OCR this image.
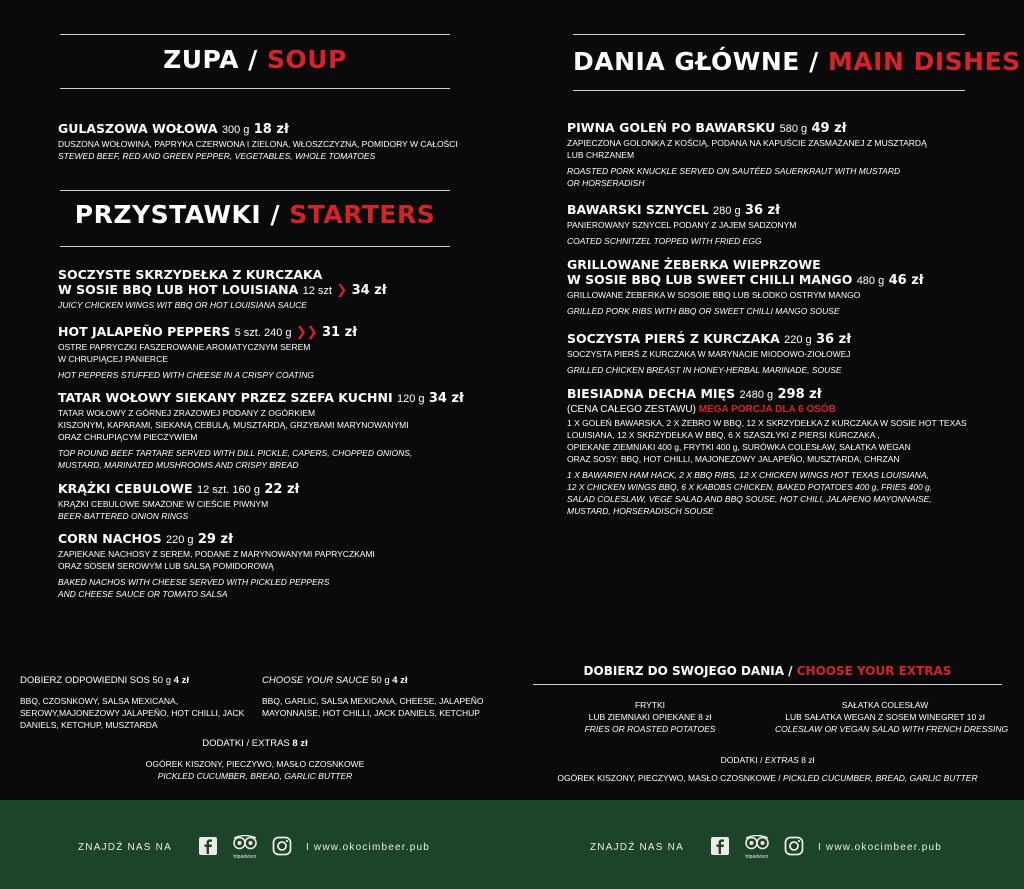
ZUPA / SOUP
GULASZOWA WOŁOWA 300 g 18 zł
DUSZONA WOŁOWINA, PAPRYKA CZERWONA I ZIELONA, WŁOSZCZYZNA, POMIDORY W CAŁOŚCI
STEWED BEEF, RED AND GREEN PEPPER, VEGETABLES, WHOLE TOMATOES
PRZYSTAWKI / STARTERS
SOCZYSTE SKRZYDEŁKA Z KURCZAKA
W SOSIE BBQ LUB HOT LOUISIANA 12 szt ❯ 34 zł
JUICY CHICKEN WINGS WIT BBQ OR HOT LOUISIANA SAUCE
HOT JALAPEÑO PEPPERS 5 szt. 240 g ❯❯ 31 zł
OSTRE PAPRYCZKI FASZEROWANE AROMATYCZNYM SEREM
W CHRUPIĄCEJ PANIERCE
HOT PEPPERS STUFFED WITH CHEESE IN A CRISPY COATING
TATAR WOŁOWY SIEKANY PRZEZ SZEFA KUCHNI 120 g 34 zł
TATAR WOŁOWY Z GÓRNEJ ZRAZOWEJ PODANY Z OGÓRKIEM
KISZONYM, KAPARAMI, SIEKANĄ CEBULĄ, MUSZTARDĄ, GRZYBAMI MARYNOWANYMI
ORAZ CHRUPIĄCYM PIECZYWIEM
TOP ROUND BEEF TARTARE SERVED WITH DILL PICKLE, CAPERS, CHOPPED ONIONS,
MUSTARD, MARINATED MUSHROOMS AND CRISPY BREAD
KRĄŻKI CEBULOWE 12 szt. 160 g 22 zł
KRĄŻKI CEBULOWE SMAŻONE W CIEŚCIE PIWNYM
BEER-BATTERED ONION RINGS
CORN NACHOS 220 g 29 zł
ZAPIEKANE NACHOSY Z SEREM, PODANE Z MARYNOWANYMI PAPRYCZKAMI
ORAZ SOSEM SEROWYM LUB SALSĄ POMIDOROWĄ
BAKED NACHOS WITH CHEESE SERVED WITH PICKLED PEPPERS
AND CHEESE SAUCE OR TOMATO SALSA
DOBIERZ ODPOWIEDNI SOS 50 g 4 zł
BBQ, CZOSNKOWY, SALSA MEXICANA,
SEROWY,MAJONEZOWY JALAPEÑO, HOT CHILLI, JACK
DANIELS, KETCHUP, MUSZTARDA
CHOOSE YOUR SAUCE 50 g 4 zł
BBQ, GARLIC, SALSA MEXICANA, CHEESE, JALAPEÑO
MAYONNAISE, HOT CHILLI, JACK DANIELS, KETCHUP
DODATKI / EXTRAS 8 zł
OGÓREK KISZONY, PIECZYWO, MASŁO CZOSNKOWE
PICKLED CUCUMBER, BREAD, GARLIC BUTTER
DANIA GŁÓWNE / MAIN DISHES
PIWNA GOLEŃ PO BAWARSKU 580 g 49 zł
ZAPIECZONA GOLONKA Z KOŚCIĄ, PODANA NA KAPUŚCIE ZASMAŻANEJ Z MUSZTARDĄ
LUB CHRZANEM
ROASTED PORK KNUCKLE SERVED ON SAUTÉED SAUERKRAUT WITH MUSTARD
OR HORSERADISH
BAWARSKI SZNYCEL 280 g 36 zł
PANIEROWANY SZNYCEL PODANY Z JAJEM SADZONYM
COATED SCHNITZEL TOPPED WITH FRIED EGG
GRILLOWANE ŻEBERKA WIEPRZOWE
W SOSIE BBQ LUB SWEET CHILLI MANGO 480 g 46 zł
GRILLOWANE ŻEBERKA W SOSOIE BBQ LUB SŁODKO OSTRYM MANGO
GRILLED PORK RIBS WITH BBQ OR SWEET CHILLI MANGO SOUSE
SOCZYSTA PIERŚ Z KURCZAKA 220 g 36 zł
SOCZYSTA PIERŚ Z KURCZAKA W MARYNACIE MIODOWO-ZIOŁOWEJ
GRILLED CHICKEN BREAST IN HONEY-HERBAL MARINADE, SOUSE
BIESIADNA DECHA MIĘS 2480 g 298 zł
(CENA CAŁEGO ZESTAWU) MEGA PORCJA DLA 6 OSÓB
1 X GOLEŃ BAWARSKA, 2 X ŻEBRO W BBQ, 12 X SKRZYDEŁKA Z KURCZAKA W SOSIE HOT TEXAS
LOUISIANA, 12 X SKRZYDEŁKA W BBQ, 6 X SZASZŁYKI Z PIERSI KURCZAKA ,
OPIEKANE ZIEMNIAKI 400 g, FRYTKI 400 g, SURÓWKA COLESŁAW, SAŁATKA WEGAN
ORAZ SOSY: BBQ, HOT CHILLI, MAJONEZOWY JALAPEÑO, MUSZTARDA, CHRZAN
1 X BAWARIEN HAM HACK, 2 X BBQ RIBS, 12 X CHICKEN WINGS HOT TEXAS LOUISIANA,
12 X CHICKEN WINGS BBQ, 6 X KABOBS CHICKEN, BAKED POTATOES 400 g, FRIES 400 g,
SALAD COLESLAW, VEGE SALAD AND BBQ SOUSE, HOT CHILI, JALAPENO MAYONNAISE,
MUSTARD, HORSERADISCH SOUSE
DOBIERZ DO SWOJEGO DANIA / CHOOSE YOUR EXTRAS
FRYTKI
LUB ZIEMNIAKI OPIEKANE 8 zł
FRIES OR ROASTED POTATOES
SAŁATKA COLESŁAW
LUB SAŁATKA WEGAN Z SOSEM WINEGRET 10 zł
COLESLAW OR VEGAN SALAD WITH FRENCH DRESSING
DODATKI / EXTRAS 8 zł
OGÓREK KISZONY, PIECZYWO, MASŁO CZOSNKOWE / PICKLED CUCUMBER, BREAD, GARLIC BUTTER
ZNAJDŹ NAS NA
tripadvisor
I www.okocimbeer.pub	ZNAJDŹ NAS NA
tripadvisor
I www.okocimbeer.pub
